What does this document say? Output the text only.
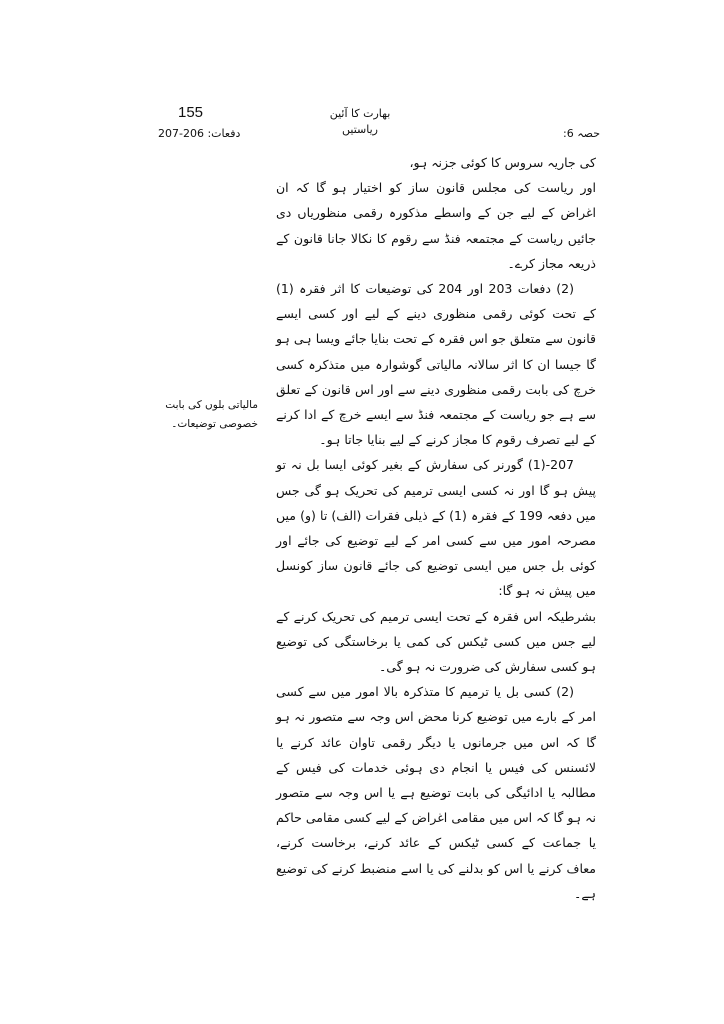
155
دفعات: 206-207
بھارت کا آئین
ریاستیں	حصہ 6:
مالیاتی بلوں کی بابت خصوصی توضیعات۔

کی جاریہ سروس کا کوئی جزنہ ہو،

اور ریاست کی مجلس قانون ساز کو اختیار ہو گا کہ ان اغراض کے لیے جن کے واسطے مذکورہ رقمی منظوریاں دی جائیں ریاست کے مجتمعہ فنڈ سے رقوم کا نکالا جانا قانون کے ذریعہ مجاز کرے۔

(2) دفعات 203 اور 204 کی توضیعات کا اثر فقرہ (1) کے تحت کوئی رقمی منظوری دینے کے لیے اور کسی ایسے قانون سے متعلق جو اس فقرہ کے تحت بنایا جائے ویسا ہی ہو گا جیسا ان کا اثر سالانہ مالیاتی گوشوارہ میں متذکرہ کسی خرچ کی بابت رقمی منظوری دینے سے اور اس قانون کے تعلق سے ہے جو ریاست کے مجتمعہ فنڈ سے ایسے خرچ کے ادا کرنے کے لیے تصرف رقوم کا مجاز کرنے کے لیے بنایا جاتا ہو۔

207-(1) گورنر کی سفارش کے بغیر کوئی ایسا بل نہ تو پیش ہو گا اور نہ کسی ایسی ترمیم کی تحریک ہو گی جس میں دفعہ 199 کے فقرہ (1) کے ذیلی فقرات (الف) تا (و) میں مصرحہ امور میں سے کسی امر کے لیے توضیع کی جائے اور کوئی بل جس میں ایسی توضیع کی جائے قانون ساز کونسل میں پیش نہ ہو گا:

بشرطیکہ اس فقرہ کے تحت ایسی ترمیم کی تحریک کرنے کے لیے جس میں کسی ٹیکس کی کمی یا برخاستگی کی توضیع ہو کسی سفارش کی ضرورت نہ ہو گی۔

(2) کسی بل یا ترمیم کا متذکرہ بالا امور میں سے کسی امر کے بارے میں توضیع کرنا محض اس وجہ سے متصور نہ ہو گا کہ اس میں جرمانوں یا دیگر رقمی تاوان عائد کرنے یا لائسنس کی فیس یا انجام دی ہوئی خدمات کی فیس کے مطالبہ یا ادائیگی کی بابت توضیع ہے یا اس وجہ سے متصور نہ ہو گا کہ اس میں مقامی اغراض کے لیے کسی مقامی حاکم یا جماعت کے کسی ٹیکس کے عائد کرنے، برخاست کرنے، معاف کرنے یا اس کو بدلنے کی یا اسے منضبط کرنے کی توضیع ہے۔
